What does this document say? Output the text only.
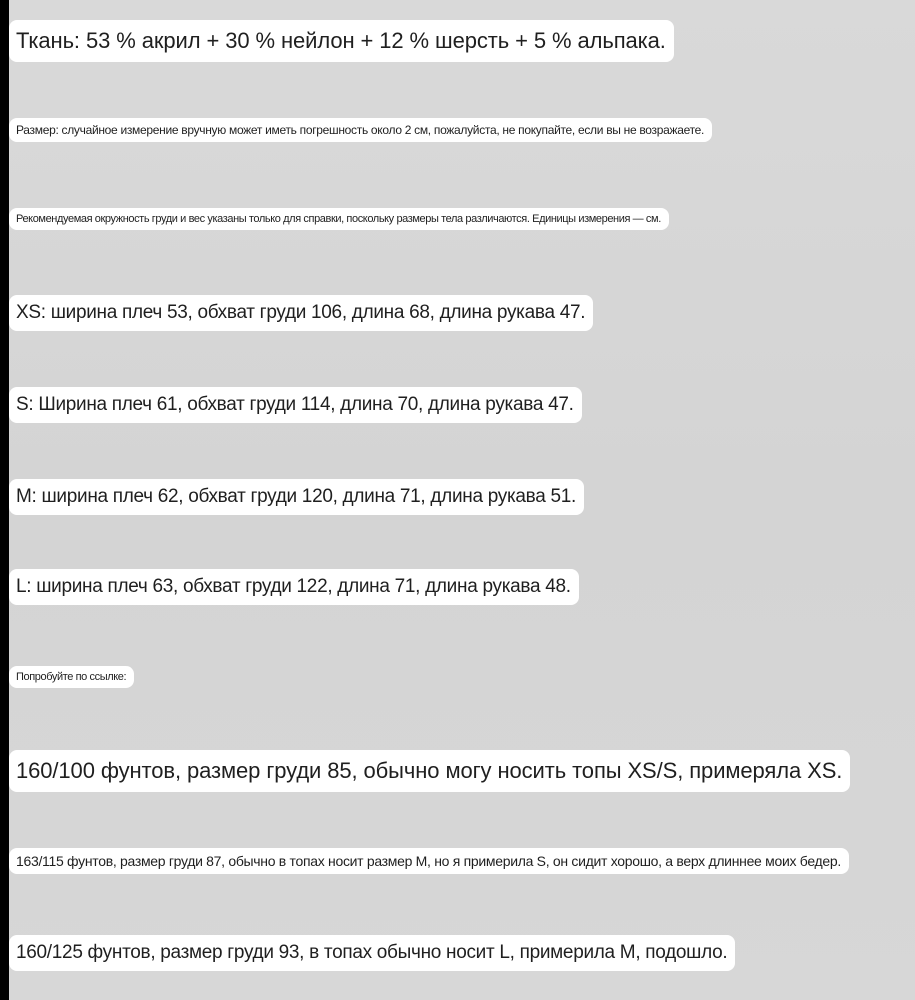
Ткань: 53 % акрил + 30 % нейлон + 12 % шерсть + 5 % альпака.
Размер: случайное измерение вручную может иметь погрешность около 2 см, пожалуйста, не покупайте, если вы не возражаете.
Рекомендуемая окружность груди и вес указаны только для справки, поскольку размеры тела различаются. Единицы измерения — см.
XS: ширина плеч 53, обхват груди 106, длина 68, длина рукава 47.
S: Ширина плеч 61, обхват груди 114, длина 70, длина рукава 47.
M: ширина плеч 62, обхват груди 120, длина 71, длина рукава 51.
L: ширина плеч 63, обхват груди 122, длина 71, длина рукава 48.
Попробуйте по ссылке:
160/100 фунтов, размер груди 85, обычно могу носить топы XS/S, примеряла XS.
163/115 фунтов, размер груди 87, обычно в топах носит размер M, но я примерила S, он сидит хорошо, а верх длиннее моих бедер.
160/125 фунтов, размер груди 93, в топах обычно носит L, примерила M, подошло.
